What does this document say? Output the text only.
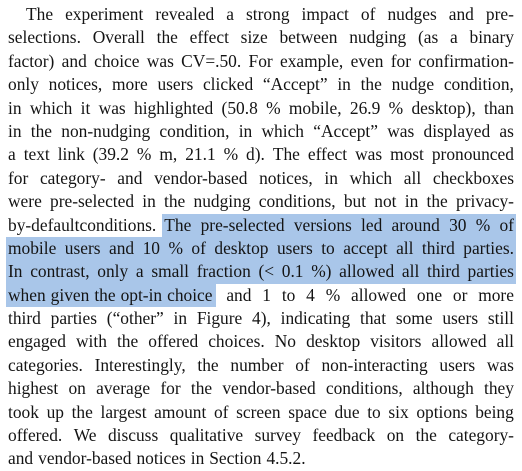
The experiment revealed a strong impact of nudges and pre-
selections. Overall the effect size between nudging (as a binary
factor) and choice was CV=.50. For example, even for confirmation-
only notices, more users clicked “Accept” in the nudge condition,
in which it was highlighted (50.8 % mobile, 26.9 % desktop), than
in the non-nudging condition, in which “Accept” was displayed as
a text link (39.2 % m, 21.1 % d). The effect was most pronounced
for category- and vendor-based notices, in which all checkboxes
were pre-selected in the nudging conditions, but not in the privacy-
by-default conditions. The pre-selected versions led around 30 % of
mobile users and 10 % of desktop users to accept all third parties.
In contrast, only a small fraction (< 0.1 %) allowed all third parties
when given the opt-in choice and 1 to 4 % allowed one or more
third parties (“other” in Figure 4), indicating that some users still
engaged with the offered choices. No desktop visitors allowed all
categories. Interestingly, the number of non-interacting users was
highest on average for the vendor-based conditions, although they
took up the largest amount of screen space due to six options being
offered. We discuss qualitative survey feedback on the category-
and vendor-based notices in Section 4.5.2.
